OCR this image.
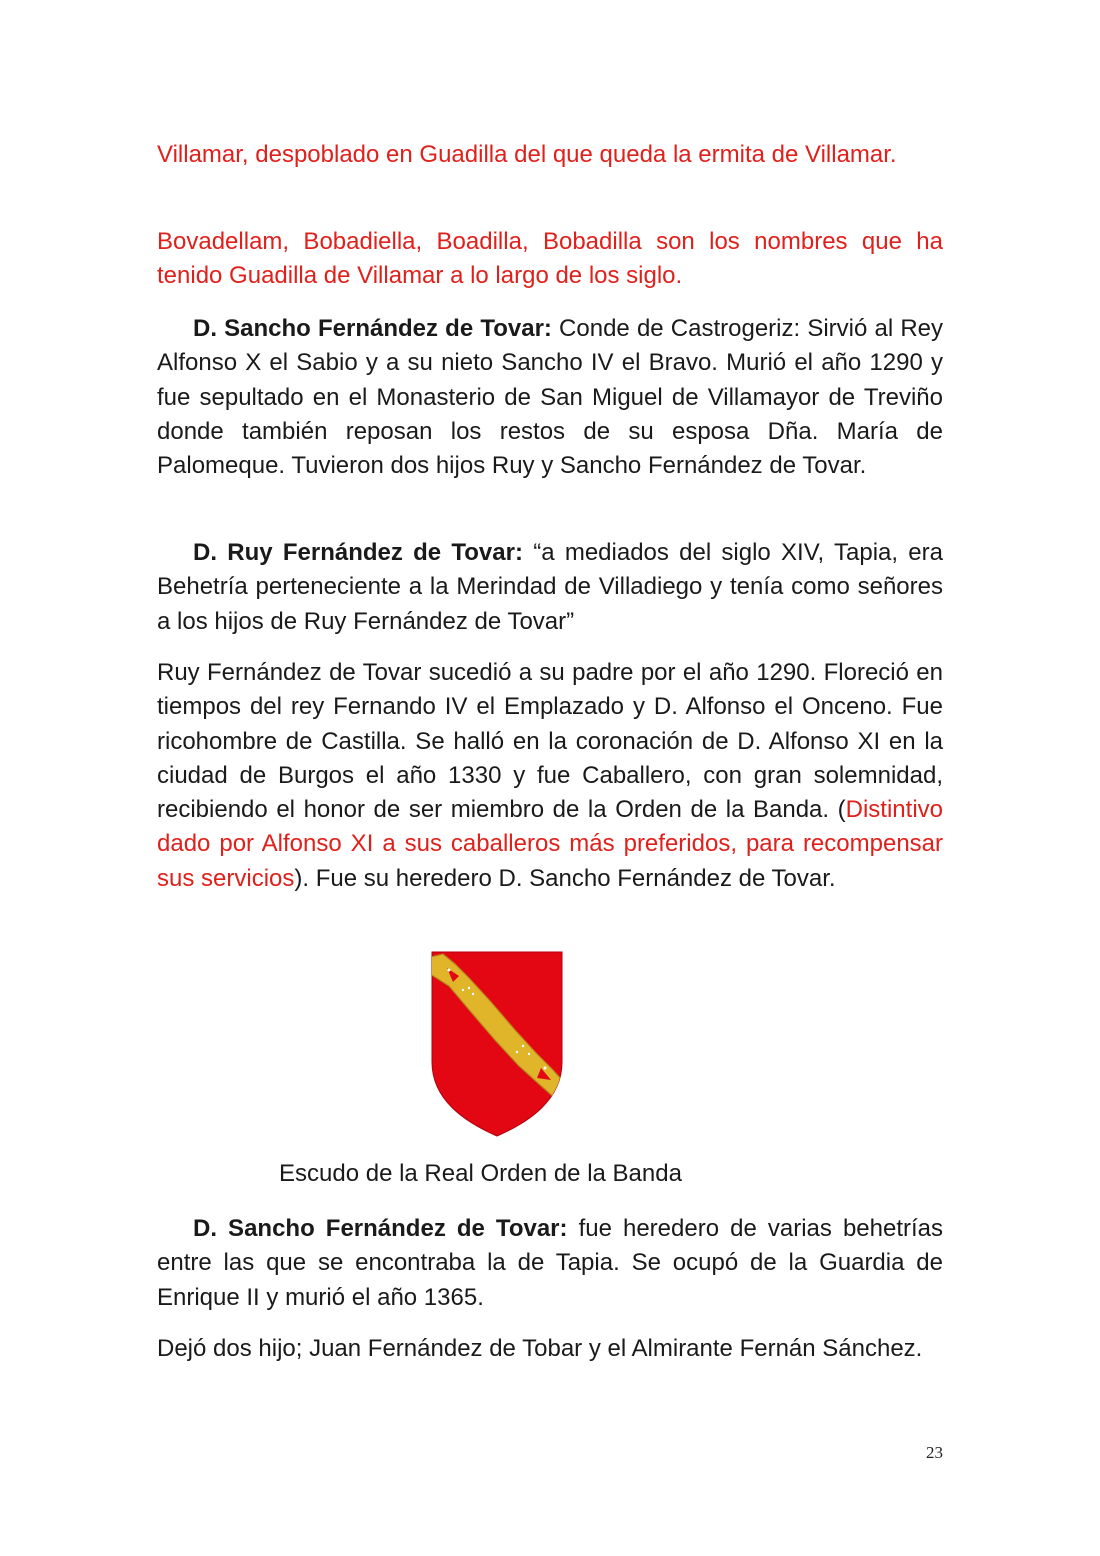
Villamar, despoblado en Guadilla del que queda la ermita de Villamar.

Bovadellam, Bobadiella, Boadilla, Bobadilla son los nombres que ha tenido Guadilla de Villamar a lo largo de los siglo.

D. Sancho Fernández de Tovar: Conde de Castrogeriz: Sirvió al Rey Alfonso X el Sabio y a su nieto Sancho IV el Bravo. Murió el año 1290 y fue sepultado en el Monasterio de San Miguel de Villamayor de Treviño donde también reposan los restos de su esposa Dña. María de Palomeque. Tuvieron dos hijos Ruy y Sancho Fernández de Tovar.

D. Ruy Fernández de Tovar: “a mediados del siglo XIV, Tapia, era Behetría perteneciente a la Merindad de Villadiego y tenía como señores a los hijos de Ruy Fernández de Tovar”

Ruy Fernández de Tovar sucedió a su padre por el año 1290. Floreció en tiempos del rey Fernando IV el Emplazado y D. Alfonso el Onceno. Fue ricohombre de Castilla. Se halló en la coronación de D. Alfonso XI en la ciudad de Burgos el año 1330 y fue Caballero, con gran solemnidad, recibiendo el honor de ser miembro de la Orden de la Banda. (Distintivo dado por Alfonso XI a sus caballeros más preferidos, para recompensar sus servicios). Fue su heredero D. Sancho Fernández de Tovar.

Escudo de la Real Orden de la Banda

D. Sancho Fernández de Tovar: fue heredero de varias behetrías entre las que se encontraba la de Tapia. Se ocupó de la Guardia de Enrique II y murió el año 1365.

Dejó dos hijo; Juan Fernández de Tobar y el Almirante Fernán Sánchez.

23
